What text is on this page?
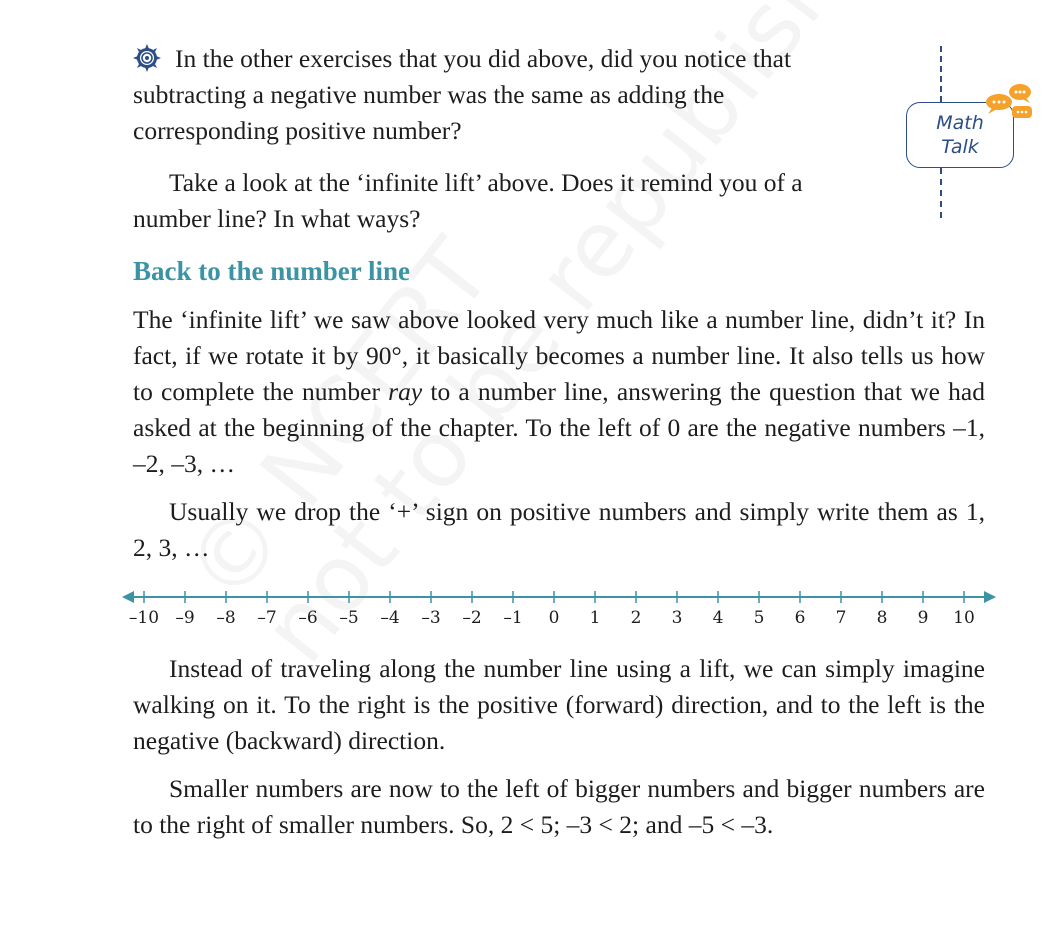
Math
Talk

In the other exercises that you did above, did you notice that subtracting a negative number was the same as adding the corresponding positive number?

Take a look at the ‘infinite lift’ above. Does it remind you of a number line? In what ways?

Back to the number line

The ‘infinite lift’ we saw above looked very much like a number line, didn’t it? In fact, if we rotate it by 90°, it basically becomes a number line. It also tells us how to complete the number ray to a number line, answering the question that we had asked at the beginning of the chapter. To the left of 0 are the negative numbers –1, –2, –3, …

Usually we drop the ‘+’ sign on positive numbers and simply write them as 1, 2, 3, …

–10 –9 –8 –7 –6 –5 –4 –3 –2 –1 0 1 2 3 4 5 6 7 8 9 10

Instead of traveling along the number line using a lift, we can simply imagine walking on it. To the right is the positive (forward) direction, and to the left is the negative (backward) direction.

Smaller numbers are now to the left of bigger numbers and bigger numbers are to the right of smaller numbers. So, 2 < 5; –3 < 2; and –5 < –3.
